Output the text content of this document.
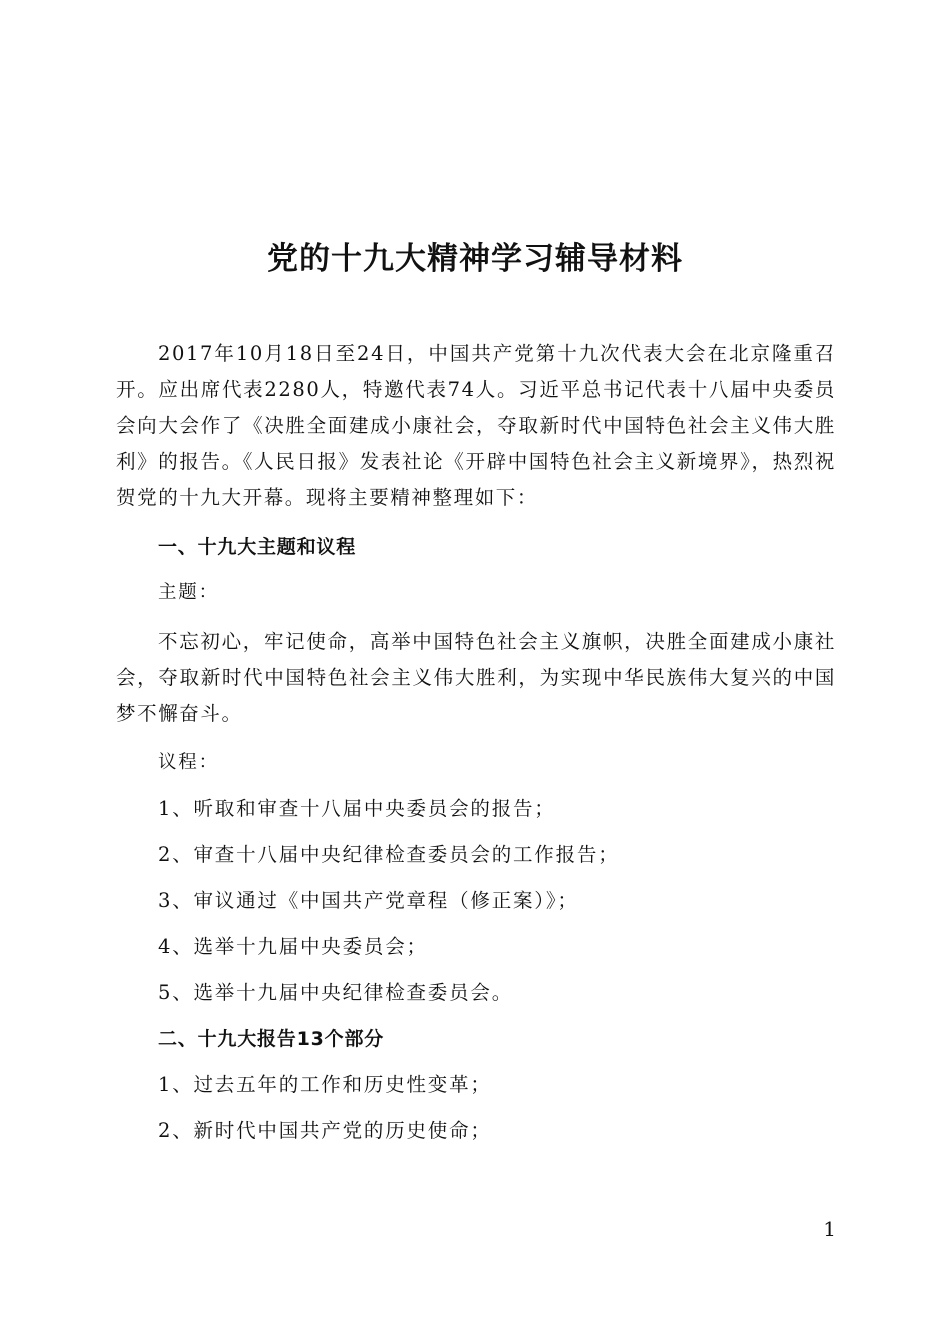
党的十九大精神学习辅导材料

2017年10月18日至24日，中国共产党第十九次代表大会在北京隆重召开。应出席代表2280人，特邀代表74人。习近平总书记代表十八届中央委员会向大会作了《决胜全面建成小康社会，夺取新时代中国特色社会主义伟大胜利》的报告。《人民日报》发表社论《开辟中国特色社会主义新境界》，热烈祝贺党的十九大开幕。现将主要精神整理如下：

一、十九大主题和议程

主题：

不忘初心，牢记使命，高举中国特色社会主义旗帜，决胜全面建成小康社会，夺取新时代中国特色社会主义伟大胜利，为实现中华民族伟大复兴的中国梦不懈奋斗。

议程：

1、听取和审查十八届中央委员会的报告；

2、审查十八届中央纪律检查委员会的工作报告；

3、审议通过《中国共产党章程（修正案）》；

4、选举十九届中央委员会；

5、选举十九届中央纪律检查委员会。

二、十九大报告13个部分

1、过去五年的工作和历史性变革；

2、新时代中国共产党的历史使命；

1
